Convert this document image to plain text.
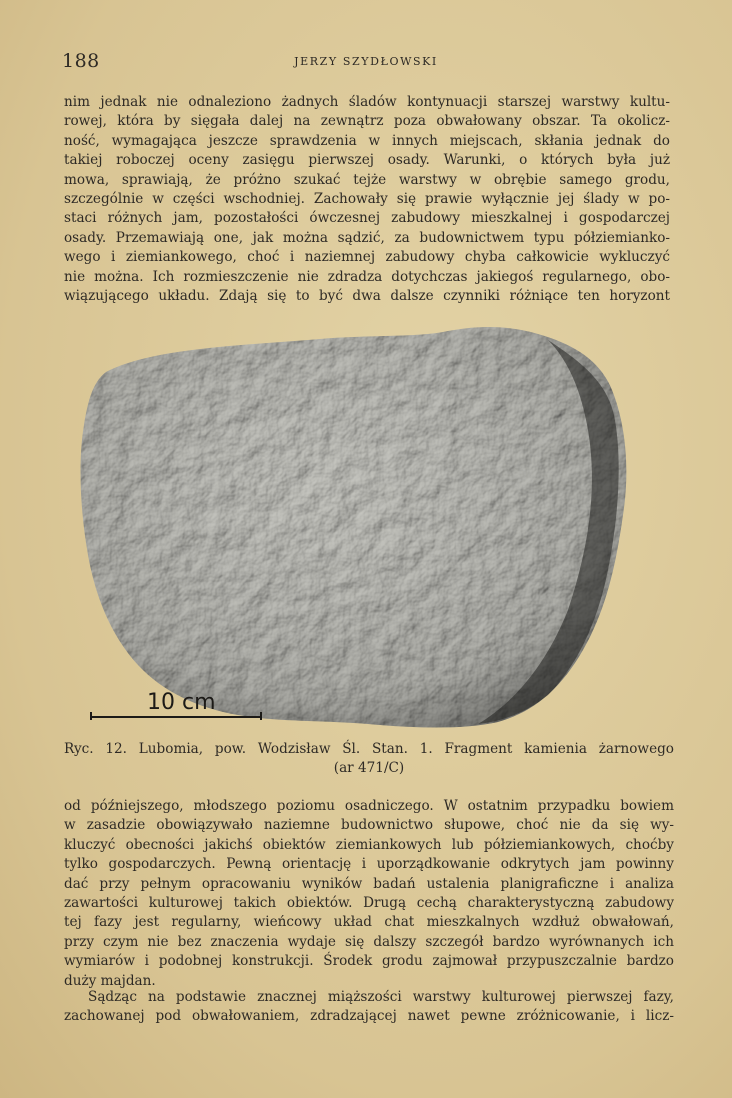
188	JERZY SZYDŁOWSKI
nim jednak nie odnaleziono żadnych śladów kontynuacji starszej warstwy kultu-
rowej, która by sięgała dalej na zewnątrz poza obwałowany obszar. Ta okolicz-
ność, wymagająca jeszcze sprawdzenia w innych miejscach, skłania jednak do
takiej roboczej oceny zasięgu pierwszej osady. Warunki, o których była już
mowa, sprawiają, że próżno szukać tejże warstwy w obrębie samego grodu,
szczególnie w części wschodniej. Zachowały się prawie wyłącznie jej ślady w po-
staci różnych jam, pozostałości ówczesnej zabudowy mieszkalnej i gospodarczej
osady. Przemawiają one, jak można sądzić, za budownictwem typu półziemianko-
wego i ziemiankowego, choć i naziemnej zabudowy chyba całkowicie wykluczyć
nie można. Ich rozmieszczenie nie zdradza dotychczas jakiegoś regularnego, obo-
wiązującego układu. Zdają się to być dwa dalsze czynniki różniące ten horyzont
10 cm
Ryc. 12. Lubomia, pow. Wodzisław Śl. Stan. 1. Fragment kamienia żarnowego
(ar 471/C)
od późniejszego, młodszego poziomu osadniczego. W ostatnim przypadku bowiem
w zasadzie obowiązywało naziemne budownictwo słupowe, choć nie da się wy-
kluczyć obecności jakichś obiektów ziemiankowych lub półziemiankowych, choćby
tylko gospodarczych. Pewną orientację i uporządkowanie odkrytych jam powinny
dać przy pełnym opracowaniu wyników badań ustalenia planigraficzne i analiza
zawartości kulturowej takich obiektów. Drugą cechą charakterystyczną zabudowy
tej fazy jest regularny, wieńcowy układ chat mieszkalnych wzdłuż obwałowań,
przy czym nie bez znaczenia wydaje się dalszy szczegół bardzo wyrównanych ich
wymiarów i podobnej konstrukcji. Środek grodu zajmował przypuszczalnie bardzo
duży majdan.
Sądząc na podstawie znacznej miąższości warstwy kulturowej pierwszej fazy,
zachowanej pod obwałowaniem, zdradzającej nawet pewne zróżnicowanie, i licz-
